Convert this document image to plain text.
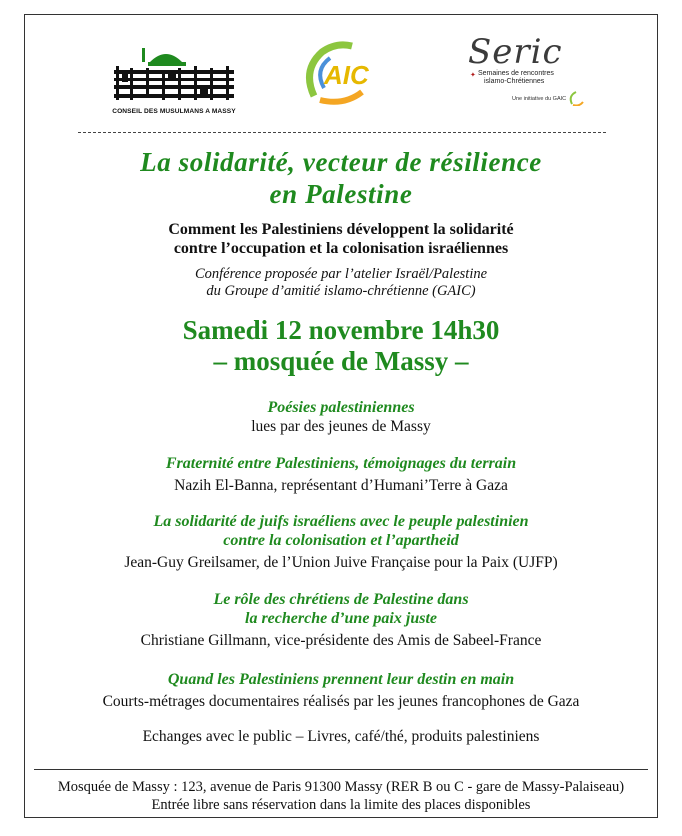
CONSEIL DES MUSULMANS A MASSY
AIC
Seric
✦ Semaines de rencontres
islamo-Chrétiennes
Une initiative du GAIC
La solidarité, vecteur de résilience
en Palestine
Comment les Palestiniens développent la solidarité
contre l’occupation et la colonisation israéliennes
Conférence proposée par l’atelier Israël/Palestine
du Groupe d’amitié islamo-chrétienne (GAIC)
Samedi 12 novembre 14h30
– mosquée de Massy –
Poésies palestiniennes
lues par des jeunes de Massy
Fraternité entre Palestiniens, témoignages du terrain
Nazih El-Banna, représentant d’Humani’Terre à Gaza
La solidarité de juifs israéliens avec le peuple palestinien
contre la colonisation et l’apartheid
Jean-Guy Greilsamer, de l’Union Juive Française pour la Paix (UJFP)
Le rôle des chrétiens de Palestine dans
la recherche d’une paix juste
Christiane Gillmann, vice-présidente des Amis de Sabeel-France
Quand les Palestiniens prennent leur destin en main
Courts-métrages documentaires réalisés par les jeunes francophones de Gaza
Echanges avec le public – Livres, café/thé, produits palestiniens
Mosquée de Massy : 123, avenue de Paris 91300 Massy (RER B ou C - gare de Massy-Palaiseau)
Entrée libre sans réservation dans la limite des places disponibles
